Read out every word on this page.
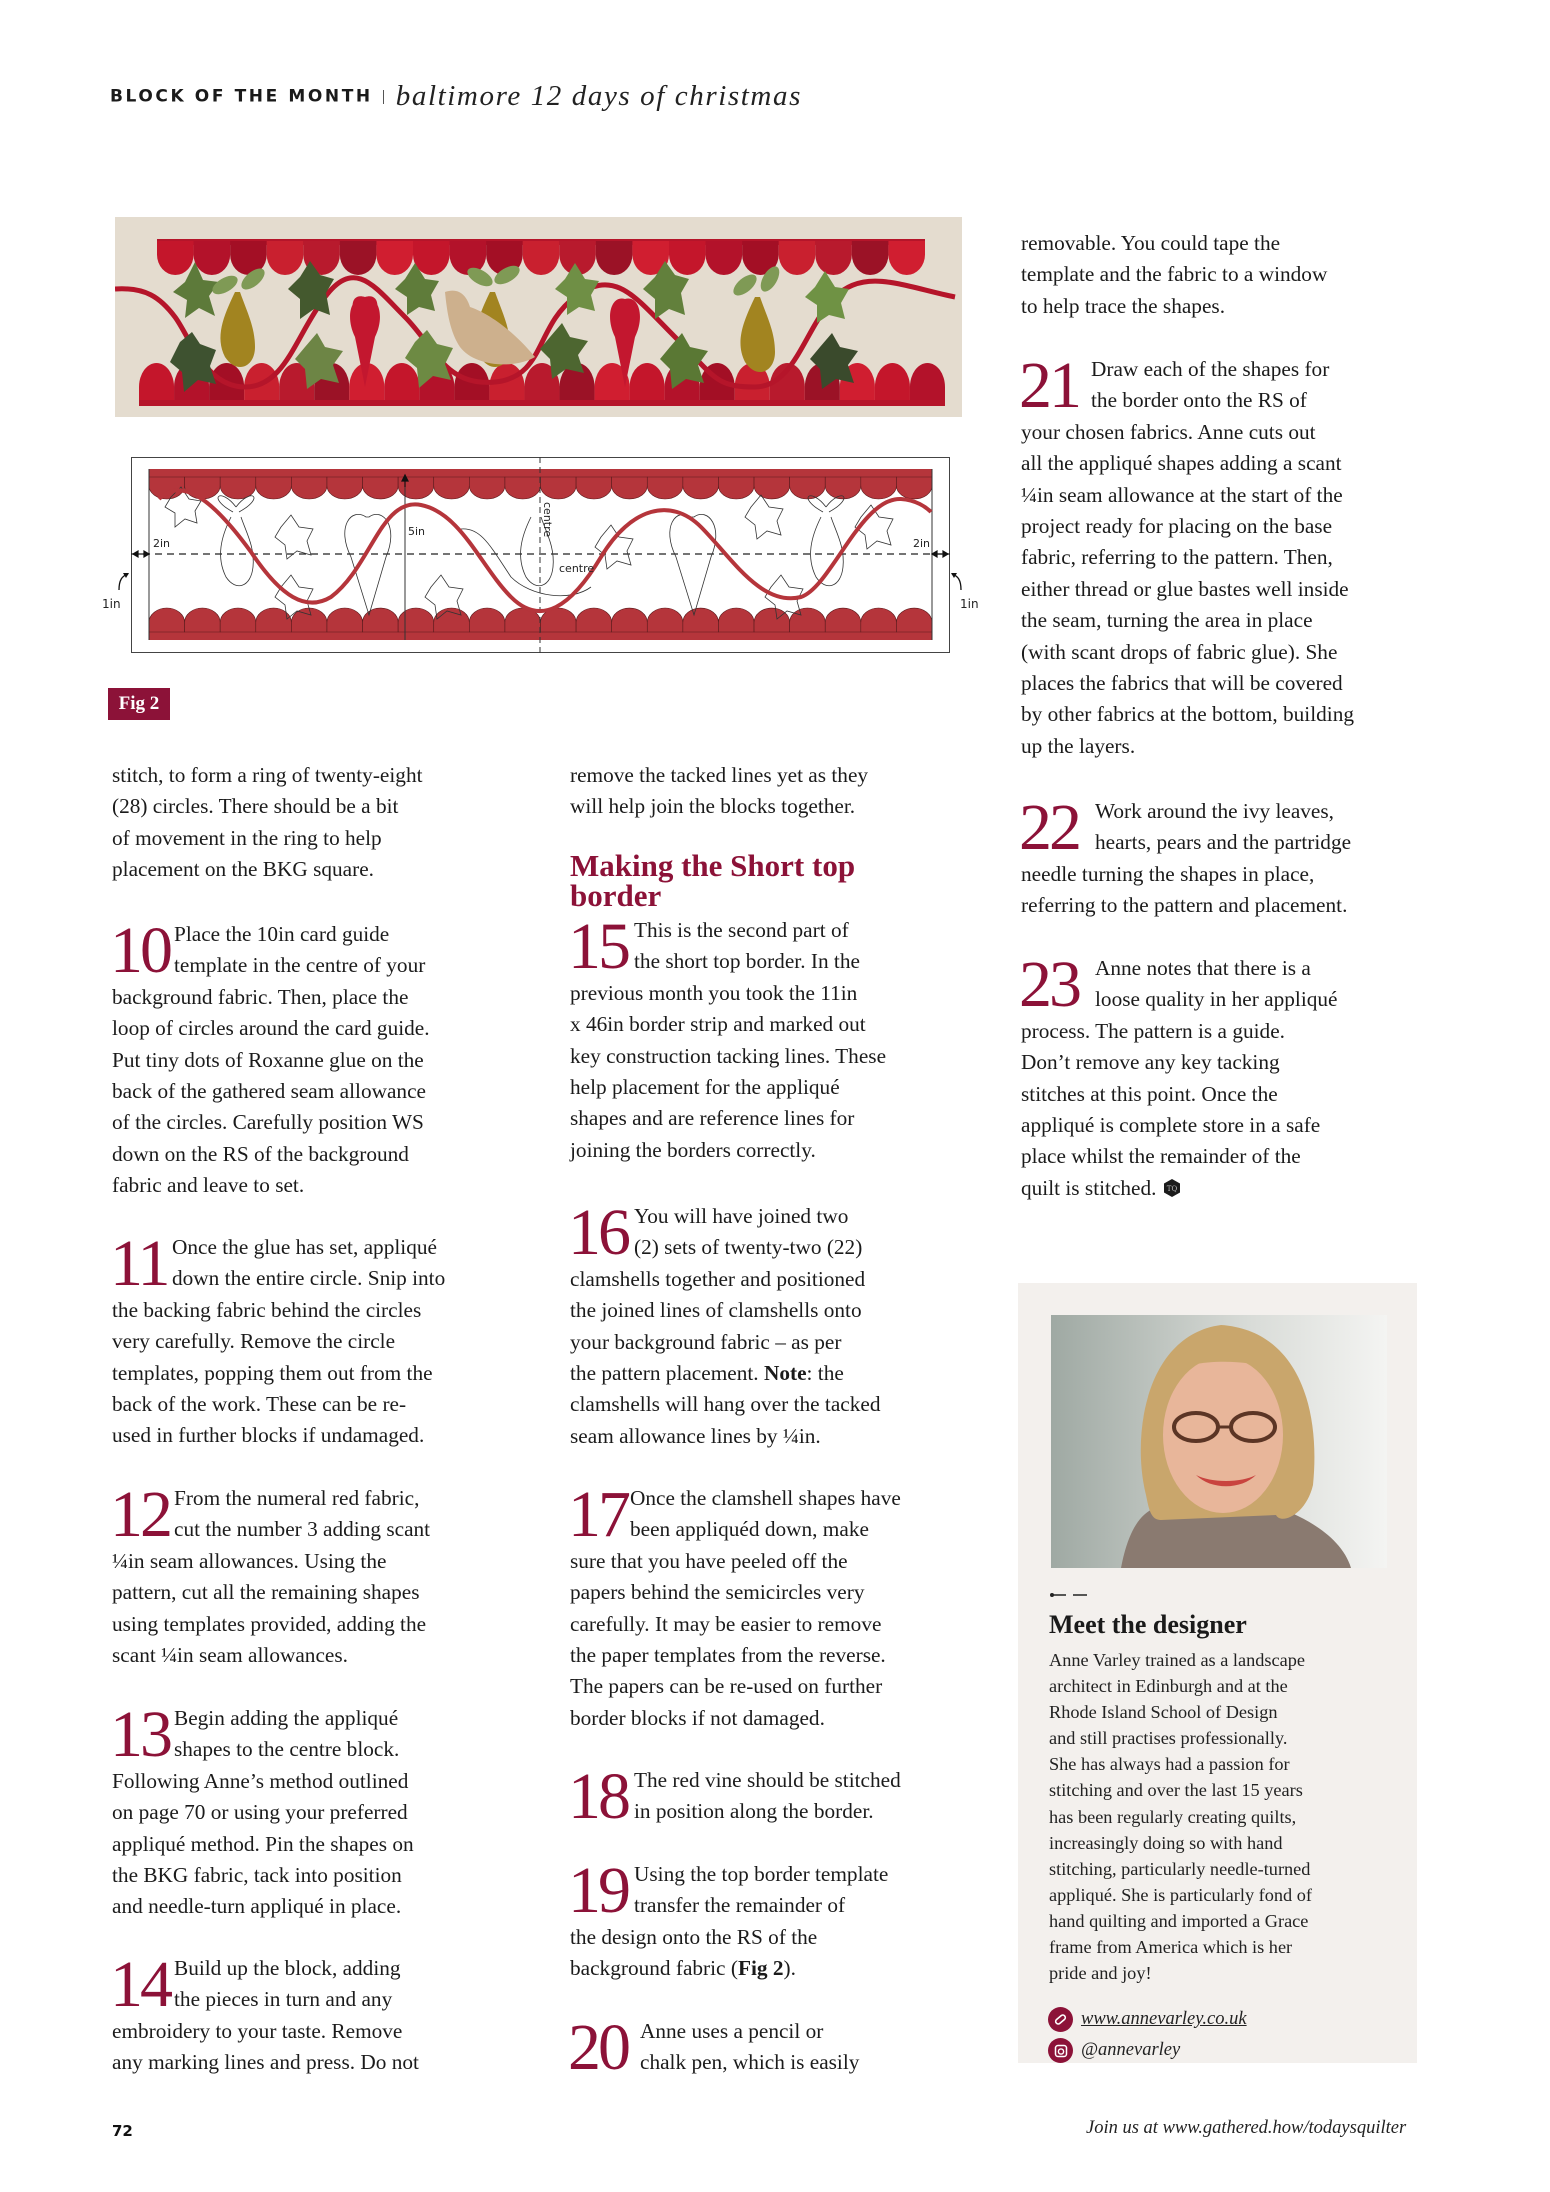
BLOCK OF THE MONTH baltimore 12 days of christmas
2in	2in
5in	centre
centre
1in	1in
Fig 2
stitch, to form a ring of twenty-eight
(28) circles. There should be a bit
of movement in the ring to help
placement on the BKG square.
10 Place the 10in card guide
template in the centre of your
background fabric. Then, place the
loop of circles around the card guide.
Put tiny dots of Roxanne glue on the
back of the gathered seam allowance
of the circles. Carefully position WS
down on the RS of the background
fabric and leave to set.
11 Once the glue has set, appliqué
down the entire circle. Snip into
the backing fabric behind the circles
very carefully. Remove the circle
templates, popping them out from the
back of the work. These can be re-
used in further blocks if undamaged.
12 From the numeral red fabric,
cut the number 3 adding scant
¼in seam allowances. Using the
pattern, cut all the remaining shapes
using templates provided, adding the
scant ¼in seam allowances.
13 Begin adding the appliqué
shapes to the centre block.
Following Anne’s method outlined
on page 70 or using your preferred
appliqué method. Pin the shapes on
the BKG fabric, tack into position
and needle-turn appliqué in place.
14 Build up the block, adding
the pieces in turn and any
embroidery to your taste. Remove
any marking lines and press. Do not
remove the tacked lines yet as they
will help join the blocks together.
Making the Short top
border
15 This is the second part of
the short top border. In the
previous month you took the 11in
x 46in border strip and marked out
key construction tacking lines. These
help placement for the appliqué
shapes and are reference lines for
joining the borders correctly.
16 You will have joined two
(2) sets of twenty-two (22)
clamshells together and positioned
the joined lines of clamshells onto
your background fabric – as per
the pattern placement. Note: the
clamshells will hang over the tacked
seam allowance lines by ¼in.
17 Once the clamshell shapes have
been appliquéd down, make
sure that you have peeled off the
papers behind the semicircles very
carefully. It may be easier to remove
the paper templates from the reverse.
The papers can be re-used on further
border blocks if not damaged.
18 The red vine should be stitched
in position along the border.
19 Using the top border template
transfer the remainder of
the design onto the RS of the
background fabric (Fig 2).
20 Anne uses a pencil or
chalk pen, which is easily
removable. You could tape the
template and the fabric to a window
to help trace the shapes.
21 Draw each of the shapes for
the border onto the RS of
your chosen fabrics. Anne cuts out
all the appliqué shapes adding a scant
¼in seam allowance at the start of the
project ready for placing on the base
fabric, referring to the pattern. Then,
either thread or glue bastes well inside
the seam, turning the area in place
(with scant drops of fabric glue). She
places the fabrics that will be covered
by other fabrics at the bottom, building
up the layers.
22 Work around the ivy leaves,
hearts, pears and the partridge
needle turning the shapes in place,
referring to the pattern and placement.
23 Anne notes that there is a
loose quality in her appliqué
process. The pattern is a guide.
Don’t remove any key tacking
stitches at this point. Once the
appliqué is complete store in a safe
place whilst the remainder of the
quilt is stitched. TQ
Meet the designer
Anne Varley trained as a landscape
architect in Edinburgh and at the
Rhode Island School of Design
and still practises professionally.
She has always had a passion for
stitching and over the last 15 years
has been regularly creating quilts,
increasingly doing so with hand
stitching, particularly needle-turned
appliqué. She is particularly fond of
hand quilting and imported a Grace
frame from America which is her
pride and joy!
www.annevarley.co.uk
@annevarley
72	Join us at www.gathered.how/todaysquilter
